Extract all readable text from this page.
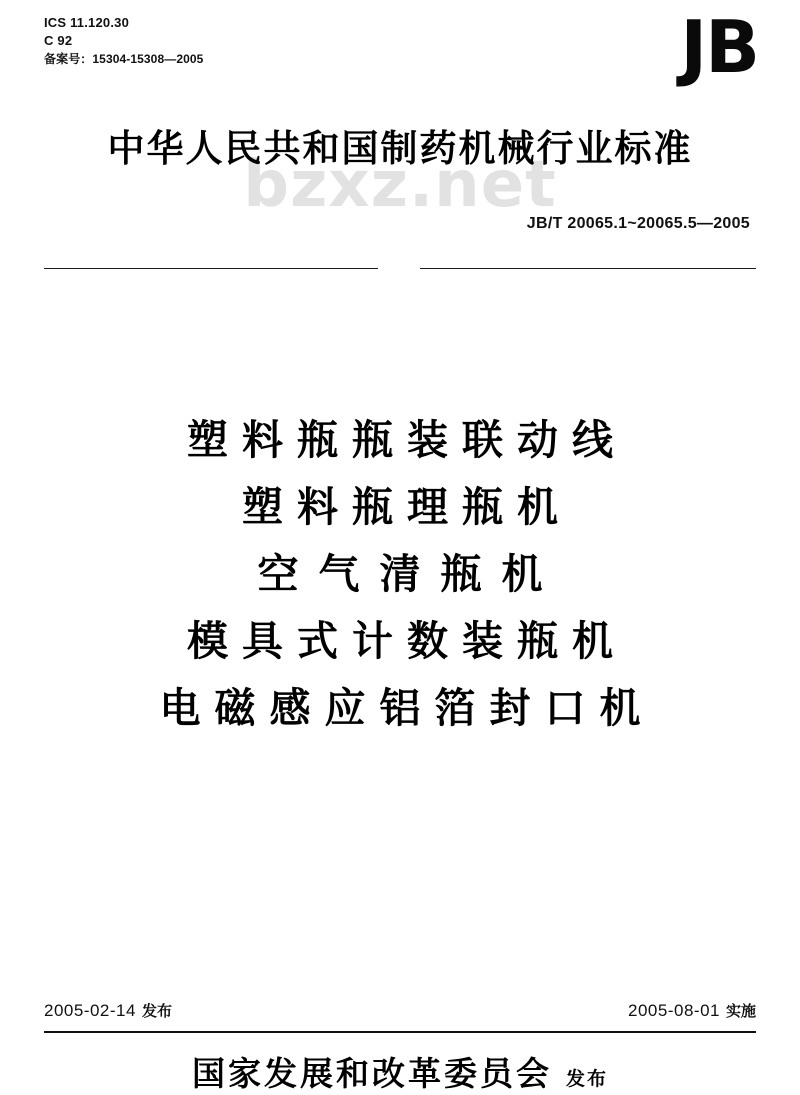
ICS 11.120.30
C 92
备案号：15304-15308—2005	JB
bzxz.net
中华人民共和国制药机械行业标准
JB/T 20065.1~20065.5—2005
塑料瓶瓶装联动线
塑料瓶理瓶机
空气清瓶机
模具式计数装瓶机
电磁感应铝箔封口机
2005-02-14 发布	2005-08-01 实施
国家发展和改革委员会 发布
